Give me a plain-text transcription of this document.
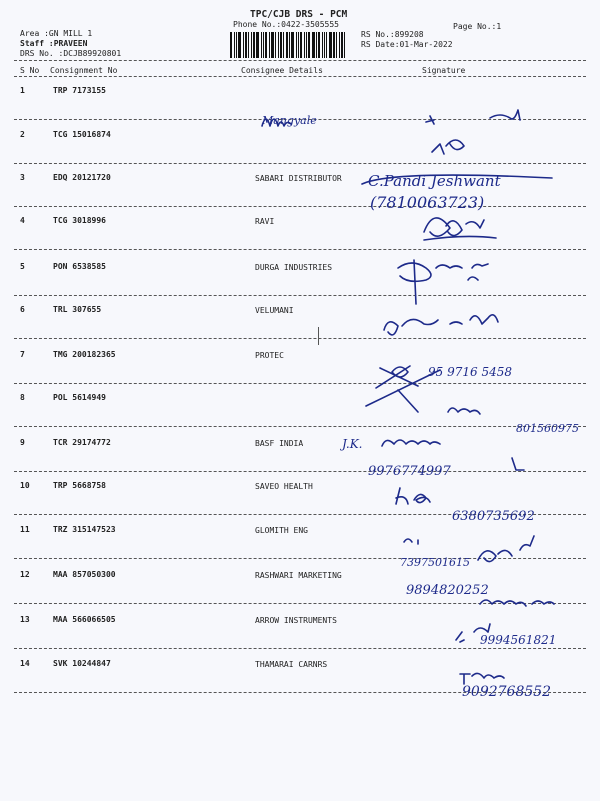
TPC/CJB DRS - PCM
Phone No.:0422-3505555	Page No.:1
Area :GN MILL 1
Staff :PRAVEEN
DRS No. :DCJB89920801
RS No.:899208
RS Date:01-Mar-2022
S No Consignment No	Consignee Details	Signature
1	TRP 7173155
2	TCG 15016874
3	EDQ 20121720	SABARI DISTRIBUTOR
4	TCG 3018996	RAVI
5	PON 6538585	DURGA INDUSTRIES
6	TRL 307655	VELUMANI
7	TMG 200182365	PROTEC
8	POL 5614949
9	TCR 29174772	BASF INDIA
10	TRP 5668758	SAVEO HEALTH
11	TRZ 315147523	GLOMITH ENG
12	MAA 857050300	RASHWARI MARKETING
13	MAA 566066505	ARROW INSTRUMENTS
14	SVK 10244847	THAMARAI CARNRS
Mangyale
C.Pandi Jeshwant
(7810063723)
95 9716 5458
801560975
J.K.
9976774997
6380735692
7397501615
9894820252
9994561821
9092768552
